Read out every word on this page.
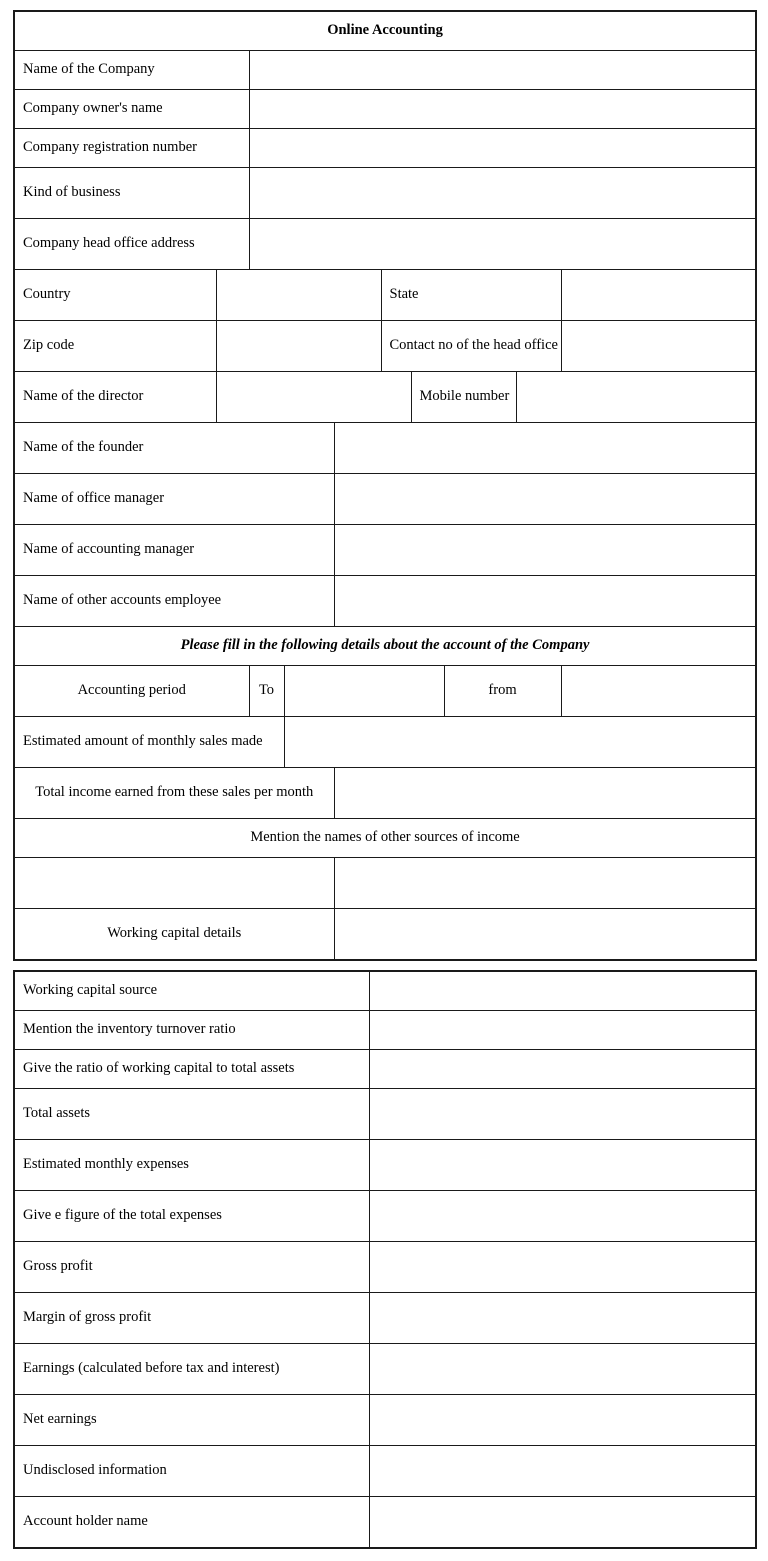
Online Accounting									
Name of the Company									
Company owner's name									
Company registration number									
Kind of business									
Company head office address									
Country					State				
Zip code					Contact no of the head office				
Name of the director						Mobile number			
Name of the founder									
Name of office manager									
Name of accounting manager									
Name of other accounts employee									
Please fill in the following details about the account of the Company									
Accounting period		To					from		
Estimated amount of monthly sales made									
Total income earned from these sales per month									
Mention the names of other sources of income									

Working capital details									

Working capital source	
Mention the inventory turnover ratio	
Give the ratio of working capital to total assets	
Total assets	
Estimated monthly expenses	
Give e figure of the total expenses	
Gross profit	
Margin of gross profit	
Earnings (calculated before tax and interest)	
Net earnings	
Undisclosed information	
Account holder name	
